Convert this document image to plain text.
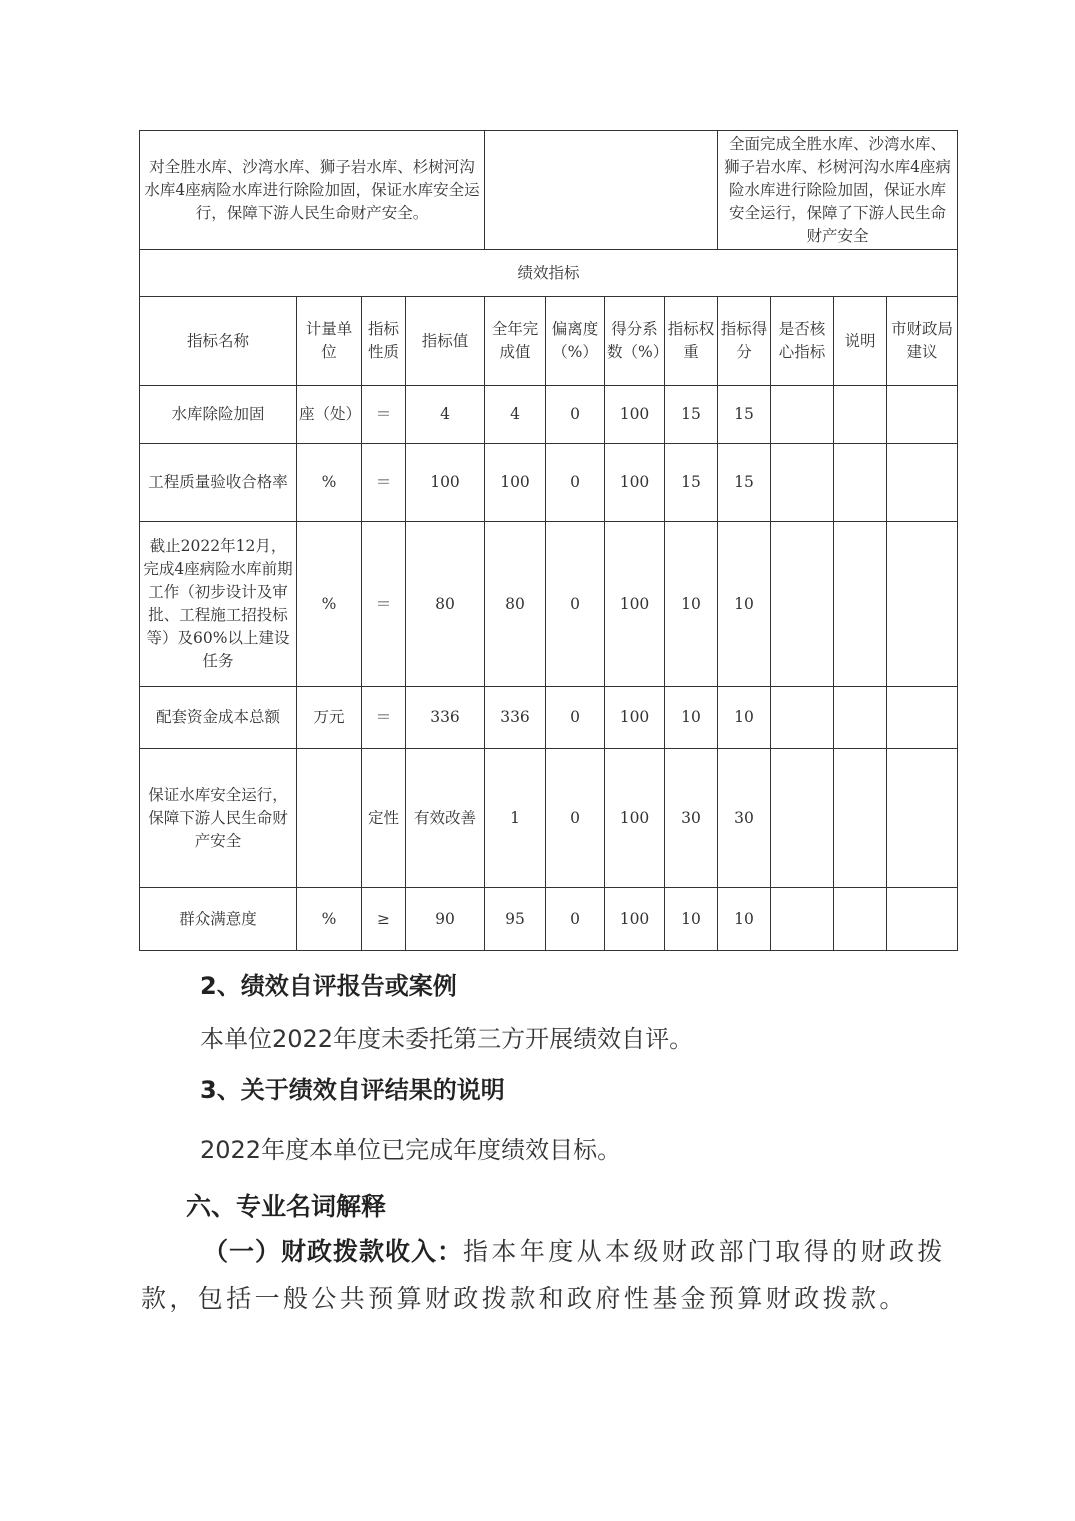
对全胜水库、沙湾水库、狮子岩水库、杉树河沟水库4座病险水库进行除险加固，保证水库安全运行，保障下游人民生命财产安全。								全面完成全胜水库、沙湾水库、狮子岩水库、杉树河沟水库4座病险水库进行除险加固，保证水库安全运行，保障了下游人民生命财产安全			
绩效指标											
指标名称	计量单位	指标性质	指标值	全年完成值	偏离度（%）	得分系数（%）	指标权重	指标得分	是否核心指标	说明	市财政局建议
水库除险加固	座（处）	＝	4	4	0	100	15	15			
工程质量验收合格率	%	＝	100	100	0	100	15	15			
截止2022年12月，完成4座病险水库前期工作（初步设计及审批、工程施工招投标等）及60%以上建设任务	%	＝	80	80	0	100	10	10			
配套资金成本总额	万元	＝	336	336	0	100	10	10			
保证水库安全运行，保障下游人民生命财产安全		定性	有效改善	1	0	100	30	30			
群众满意度	%	≥	90	95	0	100	10	10			
2、绩效自评报告或案例
本单位2022年度未委托第三方开展绩效自评。
3、关于绩效自评结果的说明
2022年度本单位已完成年度绩效目标。
六、专业名词解释
（一）财政拨款收入：指本年度从本级财政部门取得的财政拨款，包括一般公共预算财政拨款和政府性基金预算财政拨款。
